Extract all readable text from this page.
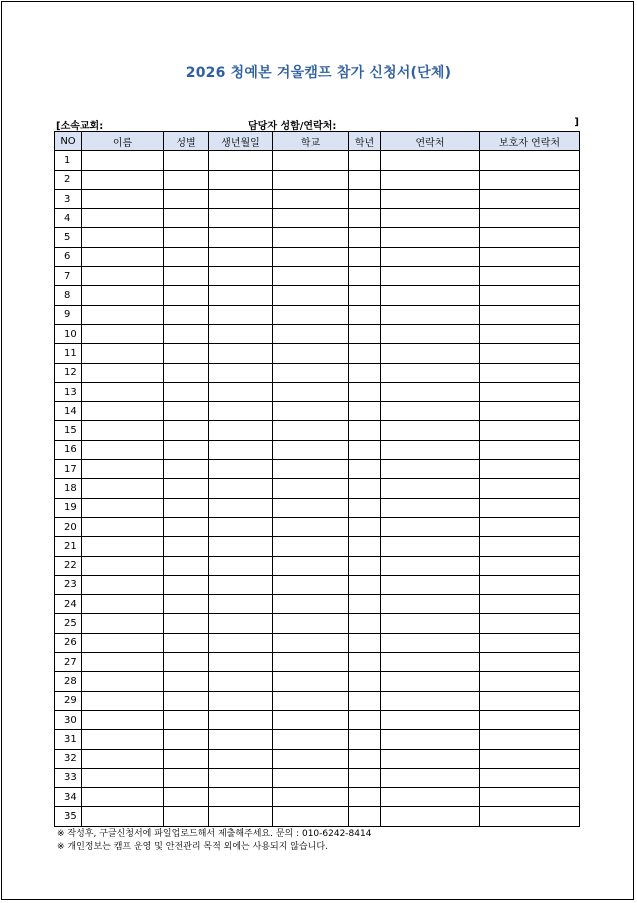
2026 청예본 겨울캠프 참가 신청서(단체)
[소속교회:	담당자 성함/연락처:	]
NO	이름	성별	생년월일	학교	학년	연락처	보호자 연락처
1							
2							
3							
4							
5							
6							
7							
8							
9							
10							
11							
12							
13							
14							
15							
16							
17							
18							
19							
20							
21							
22							
23							
24							
25							
26							
27							
28							
29							
30							
31							
32							
33							
34							
35							
※ 작성후, 구글신청서에 파일업로드해서 제출해주세요. 문의 : 010-6242-8414
※ 개인정보는 캠프 운영 및 안전관리 목적 외에는 사용되지 않습니다.
